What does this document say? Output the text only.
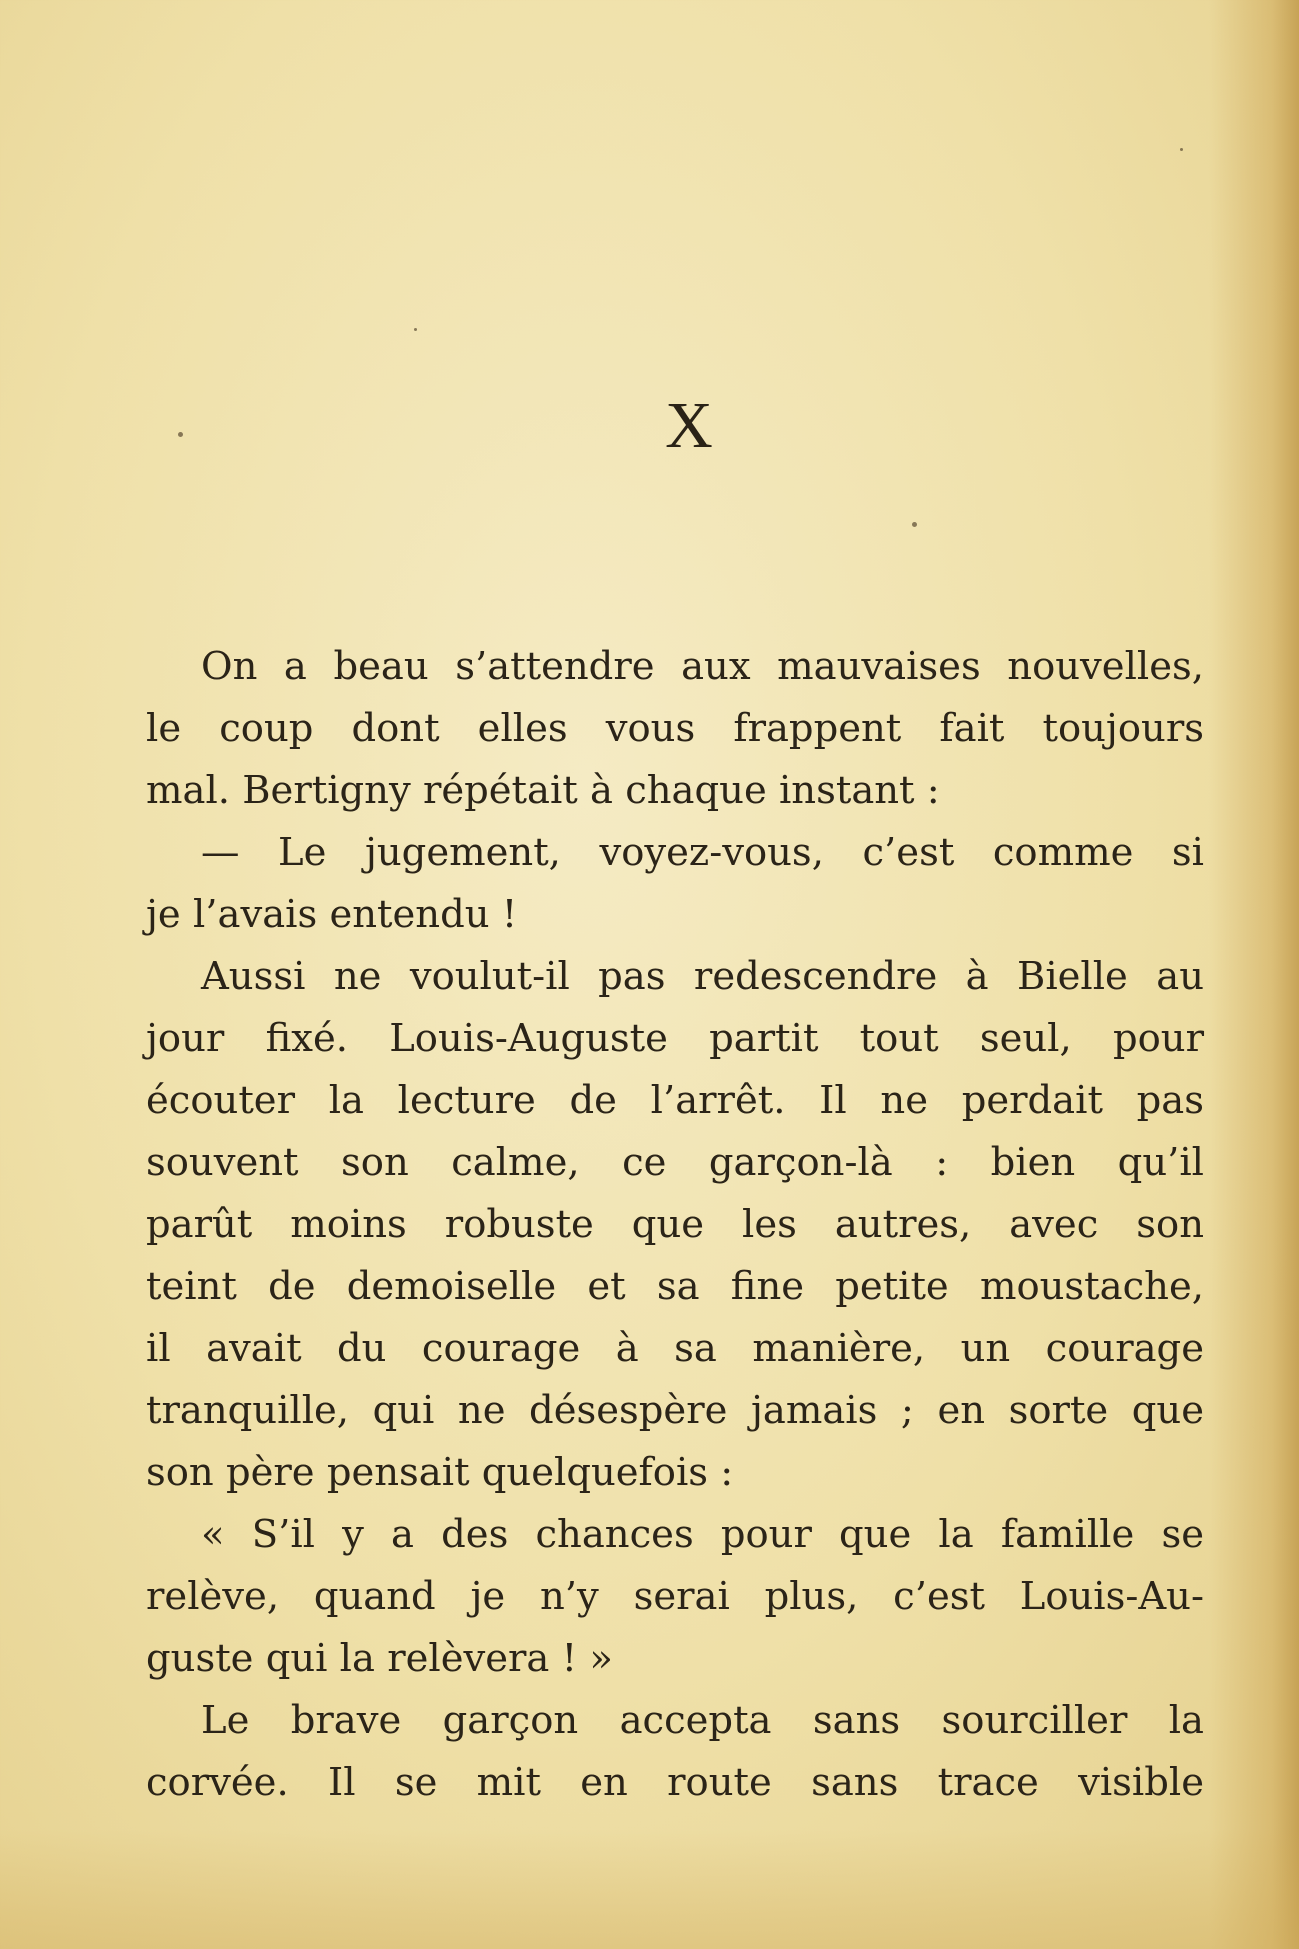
X
On a beau s’attendre aux mauvaises nouvelles,
le coup dont elles vous frappent fait toujours
mal. Bertigny répétait à chaque instant :
— Le jugement, voyez-vous, c’est comme si
je l’avais entendu !
Aussi ne voulut-il pas redescendre à Bielle au
jour fixé. Louis-Auguste partit tout seul, pour
écouter la lecture de l’arrêt. Il ne perdait pas
souvent son calme, ce garçon-là : bien qu’il
parût moins robuste que les autres, avec son
teint de demoiselle et sa fine petite moustache,
il avait du courage à sa manière, un courage
tranquille, qui ne désespère jamais ; en sorte que
son père pensait quelquefois :
« S’il y a des chances pour que la famille se
relève, quand je n’y serai plus, c’est Louis-Au-
guste qui la relèvera ! »
Le brave garçon accepta sans sourciller la
corvée. Il se mit en route sans trace visible
